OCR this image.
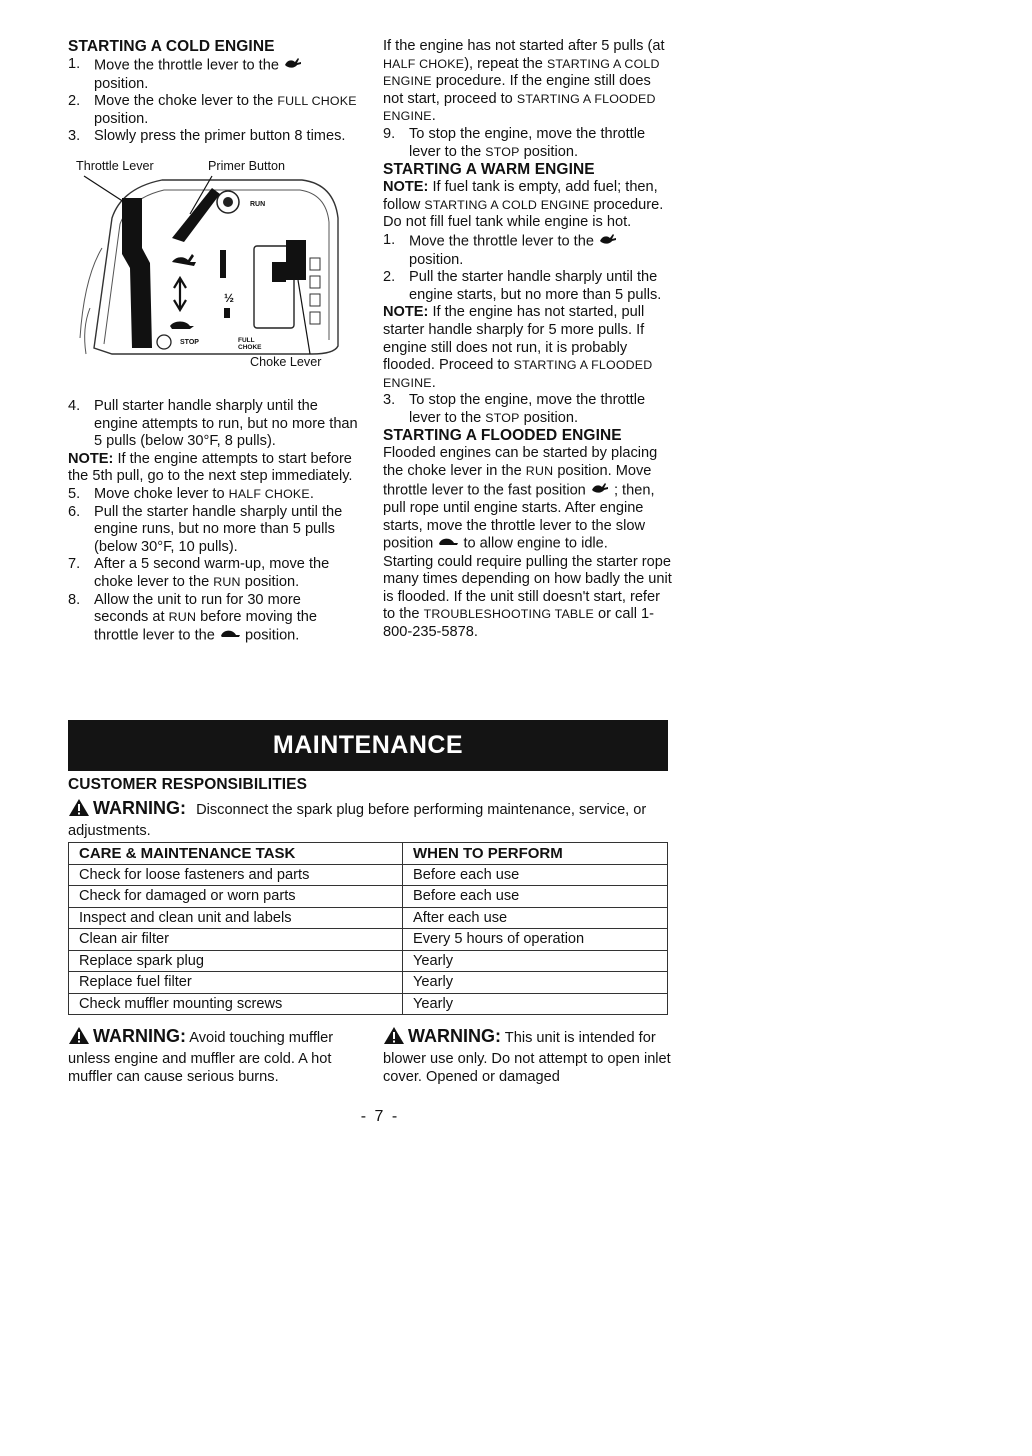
STARTING A COLD ENGINE
1. Move the throttle lever to the  position.
2. Move the choke lever to the FULL CHOKE position.
3. Slowly press the primer button 8 times.
Throttle Lever	Primer Button
Choke Lever
RUN
STOP
½
FULL
CHOKE
4. Pull starter handle sharply until the engine attempts to run, but no more than 5 pulls (below 30°F, 8 pulls).

NOTE: If the engine attempts to start before the 5th pull, go to the next step immediately.

5. Move choke lever to HALF CHOKE.
6. Pull the starter handle sharply until the engine runs, but no more than 5 pulls (below 30°F, 10 pulls).
7. After a 5 second warm-up, move the choke lever to the RUN position.
8. Allow the unit to run for 30 more seconds at RUN before moving the throttle lever to the position.

If the engine has not started after 5 pulls (at HALF CHOKE), repeat the STARTING A COLD ENGINE procedure. If the engine still does not start, proceed to STARTING A FLOODED ENGINE.

9. To stop the engine, move the throttle lever to the STOP position.
STARTING A WARM ENGINE

NOTE: If fuel tank is empty, add fuel; then, follow STARTING A COLD ENGINE procedure. Do not fill fuel tank while engine is hot.

1. Move the throttle lever to the  position.
2. Pull the starter handle sharply until the engine starts, but no more than 5 pulls.

NOTE: If the engine has not started, pull starter handle sharply for 5 more pulls. If engine still does not run, it is probably flooded. Proceed to STARTING A FLOODED ENGINE.

3. To stop the engine, move the throttle lever to the STOP position.
STARTING A FLOODED ENGINE

Flooded engines can be started by placing the choke lever in the RUN position. Move throttle lever to the fast position ; then, pull rope until engine starts. After engine starts, move the throttle lever to the slow position to allow engine to idle.

Starting could require pulling the starter rope many times depending on how badly the unit is flooded. If the unit still doesn't start, refer to the TROUBLESHOOTING TABLE or call 1-800-235-5878.

MAINTENANCE
CUSTOMER RESPONSIBILITIES

WARNING: Disconnect the spark plug before performing maintenance, service, or adjustments.

CARE & MAINTENANCE TASK	WHEN TO PERFORM
Check for loose fasteners and parts	Before each use
Check for damaged or worn parts	Before each use
Inspect and clean unit and labels	After each use
Clean air filter	Every 5 hours of operation
Replace spark plug	Yearly
Replace fuel filter	Yearly
Check muffler mounting screws	Yearly
WARNING: Avoid touching muffler unless engine and muffler are cold. A hot muffler can cause serious burns.
WARNING: This unit is intended for blower use only. Do not attempt to open inlet cover. Opened or damaged
- 7 -
